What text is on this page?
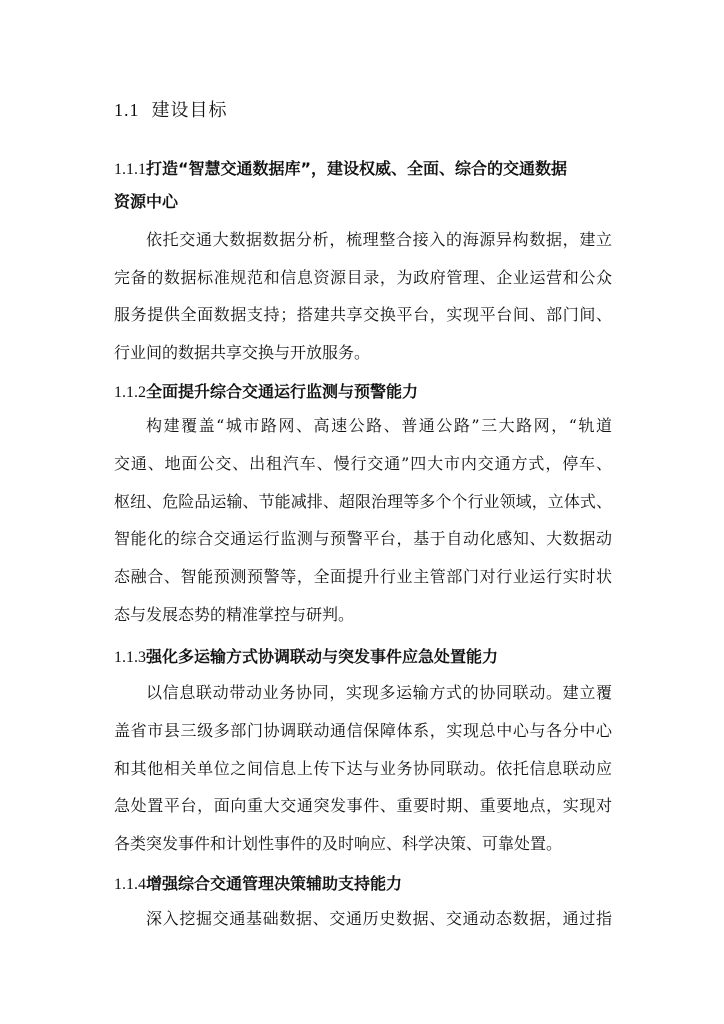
1.1 建设目标
1.1.1打造“智慧交通数据库”，建设权威、全面、综合的交通数据
资源中心
依托交通大数据数据分析，梳理整合接入的海源异构数据，建立
完备的数据标准规范和信息资源目录，为政府管理、企业运营和公众
服务提供全面数据支持；搭建共享交换平台，实现平台间、部门间、
行业间的数据共享交换与开放服务。
1.1.2全面提升综合交通运行监测与预警能力
构建覆盖“城市路网、高速公路、普通公路”三大路网，“轨道
交通、地面公交、出租汽车、慢行交通”四大市内交通方式，停车、
枢纽、危险品运输、节能减排、超限治理等多个个行业领域，立体式、
智能化的综合交通运行监测与预警平台，基于自动化感知、大数据动
态融合、智能预测预警等，全面提升行业主管部门对行业运行实时状
态与发展态势的精准掌控与研判。
1.1.3强化多运输方式协调联动与突发事件应急处置能力
以信息联动带动业务协同，实现多运输方式的协同联动。建立覆
盖省市县三级多部门协调联动通信保障体系，实现总中心与各分中心
和其他相关单位之间信息上传下达与业务协同联动。依托信息联动应
急处置平台，面向重大交通突发事件、重要时期、重要地点，实现对
各类突发事件和计划性事件的及时响应、科学决策、可靠处置。
1.1.4增强综合交通管理决策辅助支持能力
深入挖掘交通基础数据、交通历史数据、交通动态数据，通过指
